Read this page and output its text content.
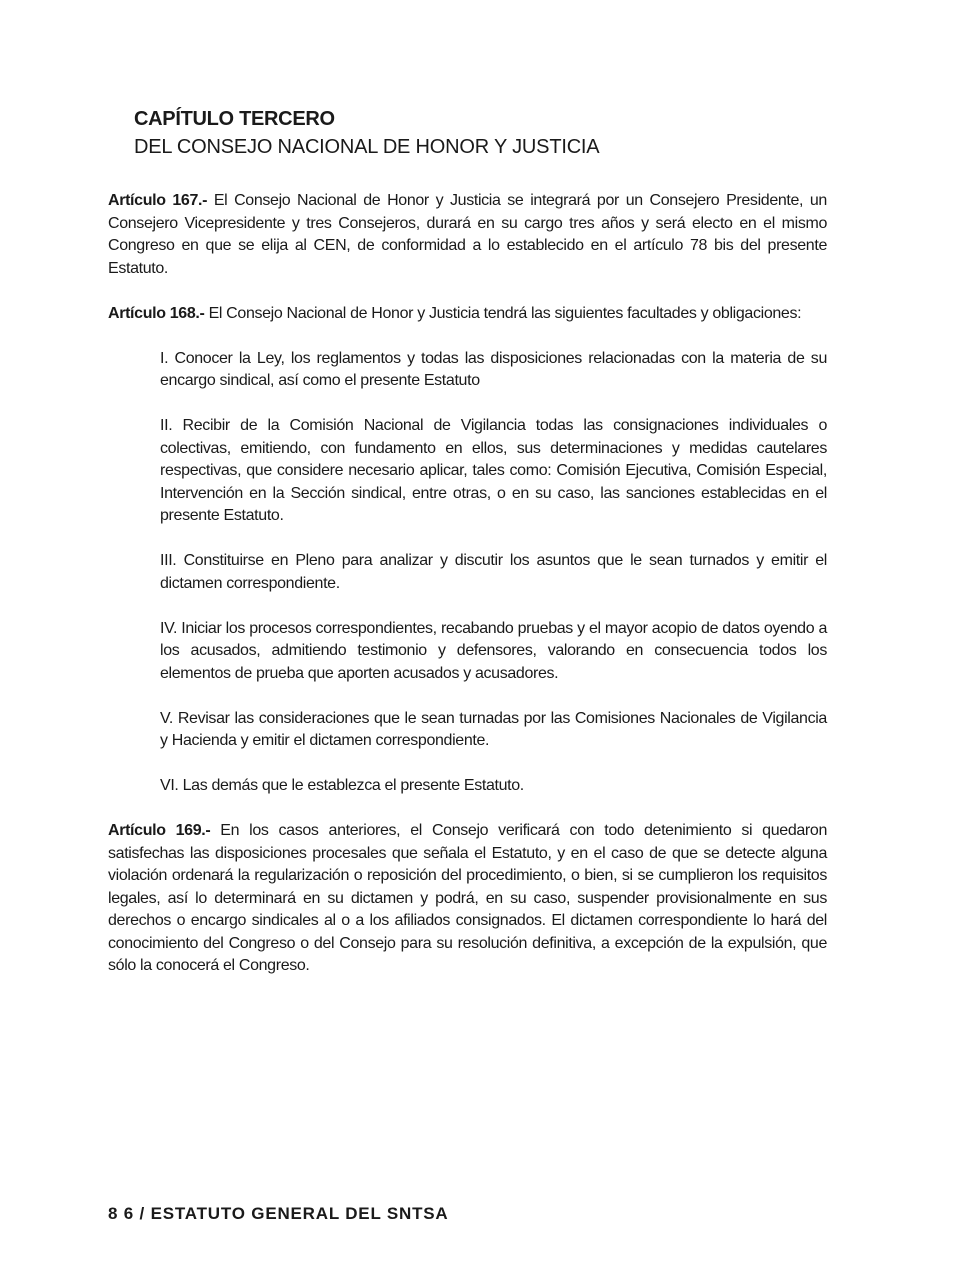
CAPÍTULO TERCERO
DEL CONSEJO NACIONAL DE HONOR Y JUSTICIA

Artículo 167.- El Consejo Nacional de Honor y Justicia se integrará por un Consejero Presidente, un Consejero Vicepresidente y tres Consejeros, durará en su cargo tres años y será electo en el mismo Congreso en que se elija al CEN, de conformidad a lo establecido en el artículo 78 bis del presente Estatuto.

Artículo 168.- El Consejo Nacional de Honor y Justicia tendrá las siguientes facultades y obligaciones:

I. Conocer la Ley, los reglamentos y todas las disposiciones relacionadas con la materia de su encargo sindical, así como el presente Estatuto

II. Recibir de la Comisión Nacional de Vigilancia todas las consignaciones individuales o colectivas, emitiendo, con fundamento en ellos, sus determinaciones y medidas cautelares respectivas, que considere necesario aplicar, tales como: Comisión Ejecutiva, Comisión Especial, Intervención en la Sección sindical, entre otras, o en su caso, las sanciones establecidas en el presente Estatuto.

III. Constituirse en Pleno para analizar y discutir los asuntos que le sean turnados y emitir el dictamen correspondiente.

IV. Iniciar los procesos correspondientes, recabando pruebas y el mayor acopio de datos oyendo a los acusados, admitiendo testimonio y defensores, valorando en consecuencia todos los elementos de prueba que aporten acusados y acusadores.

V. Revisar las consideraciones que le sean turnadas por las Comisiones Nacionales de Vigilancia y Hacienda y emitir el dictamen correspondiente.

VI. Las demás que le establezca el presente Estatuto.

Artículo 169.- En los casos anteriores, el Consejo verificará con todo detenimiento si quedaron satisfechas las disposiciones procesales que señala el Estatuto, y en el caso de que se detecte alguna violación ordenará la regularización o reposición del procedimiento, o bien, si se cumplieron los requisitos legales, así lo determinará en su dictamen y podrá, en su caso, suspender provisionalmente en sus derechos o encargo sindicales al o a los afiliados consignados. El dictamen correspondiente lo hará del conocimiento del Congreso o del Consejo para su resolución definitiva, a excepción de la expulsión, que sólo la conocerá el Congreso.

8 6 / ESTATUTO GENERAL DEL SNTSA
